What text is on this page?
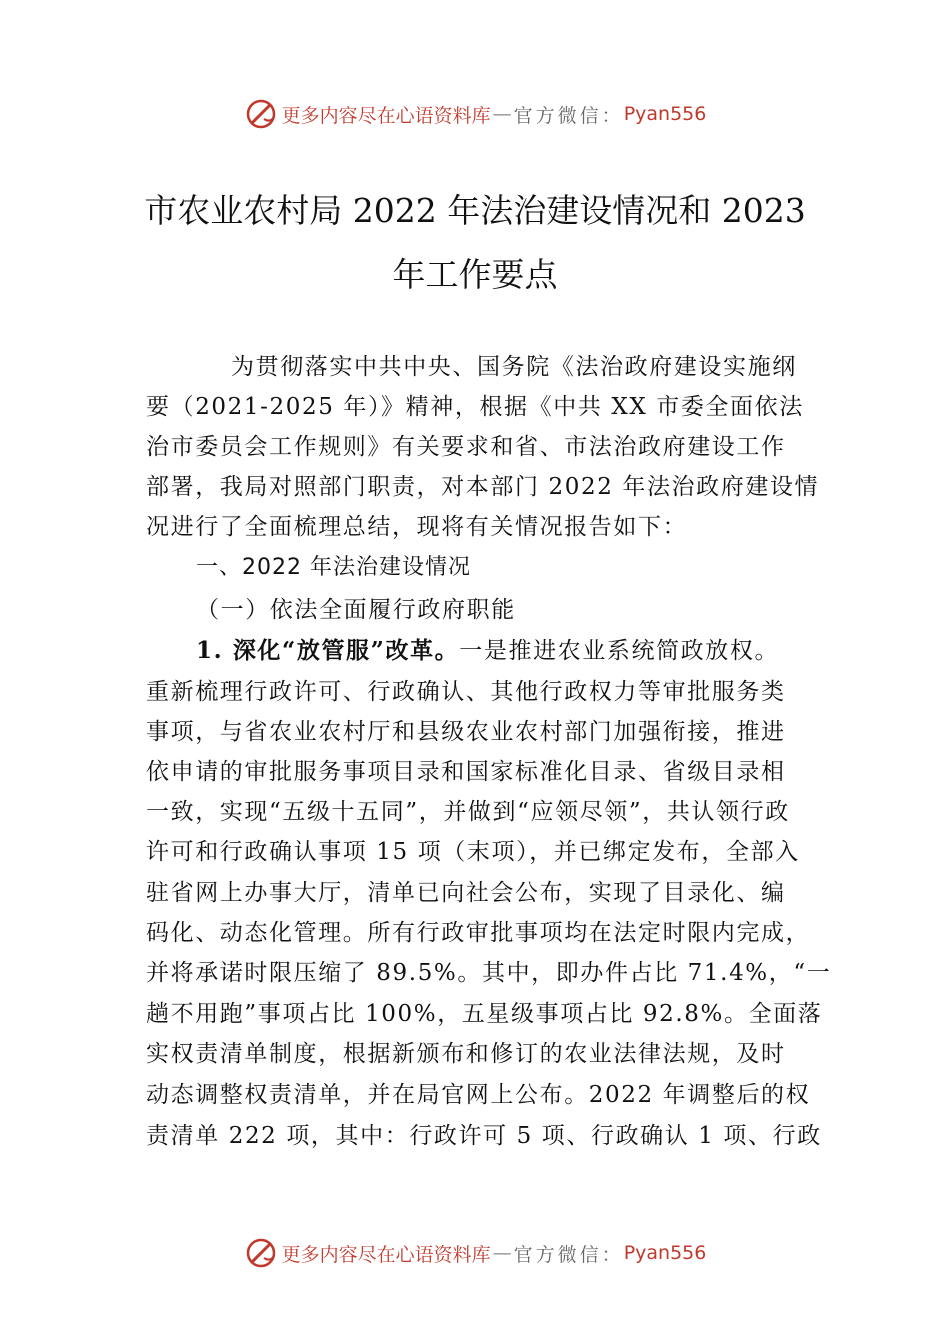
更多内容尽在心语资料库 — 官方微信： Pyan556
市农业农村局 2022 年法治建设情况和 2023
年工作要点
为贯彻落实中共中央、国务院《法治政府建设实施纲
要（2021-2025 年）》精神，根据《中共 XX 市委全面依法
治市委员会工作规则》有关要求和省、市法治政府建设工作
部署，我局对照部门职责，对本部门 2022 年法治政府建设情
况进行了全面梳理总结，现将有关情况报告如下：
一、2022 年法治建设情况
（一）依法全面履行政府职能
1. 深化“放管服”改革。一是推进农业系统简政放权。
重新梳理行政许可、行政确认、其他行政权力等审批服务类
事项，与省农业农村厅和县级农业农村部门加强衔接，推进
依申请的审批服务事项目录和国家标准化目录、省级目录相
一致，实现“五级十五同”，并做到“应领尽领”，共认领行政
许可和行政确认事项 15 项（末项），并已绑定发布，全部入
驻省网上办事大厅，清单已向社会公布，实现了目录化、编
码化、动态化管理。所有行政审批事项均在法定时限内完成，
并将承诺时限压缩了 89.5%。其中，即办件占比 71.4%，“一
趟不用跑”事项占比 100%，五星级事项占比 92.8%。全面落
实权责清单制度，根据新颁布和修订的农业法律法规，及时
动态调整权责清单，并在局官网上公布。2022 年调整后的权
责清单 222 项，其中：行政许可 5 项、行政确认 1 项、行政
更多内容尽在心语资料库 — 官方微信： Pyan556
